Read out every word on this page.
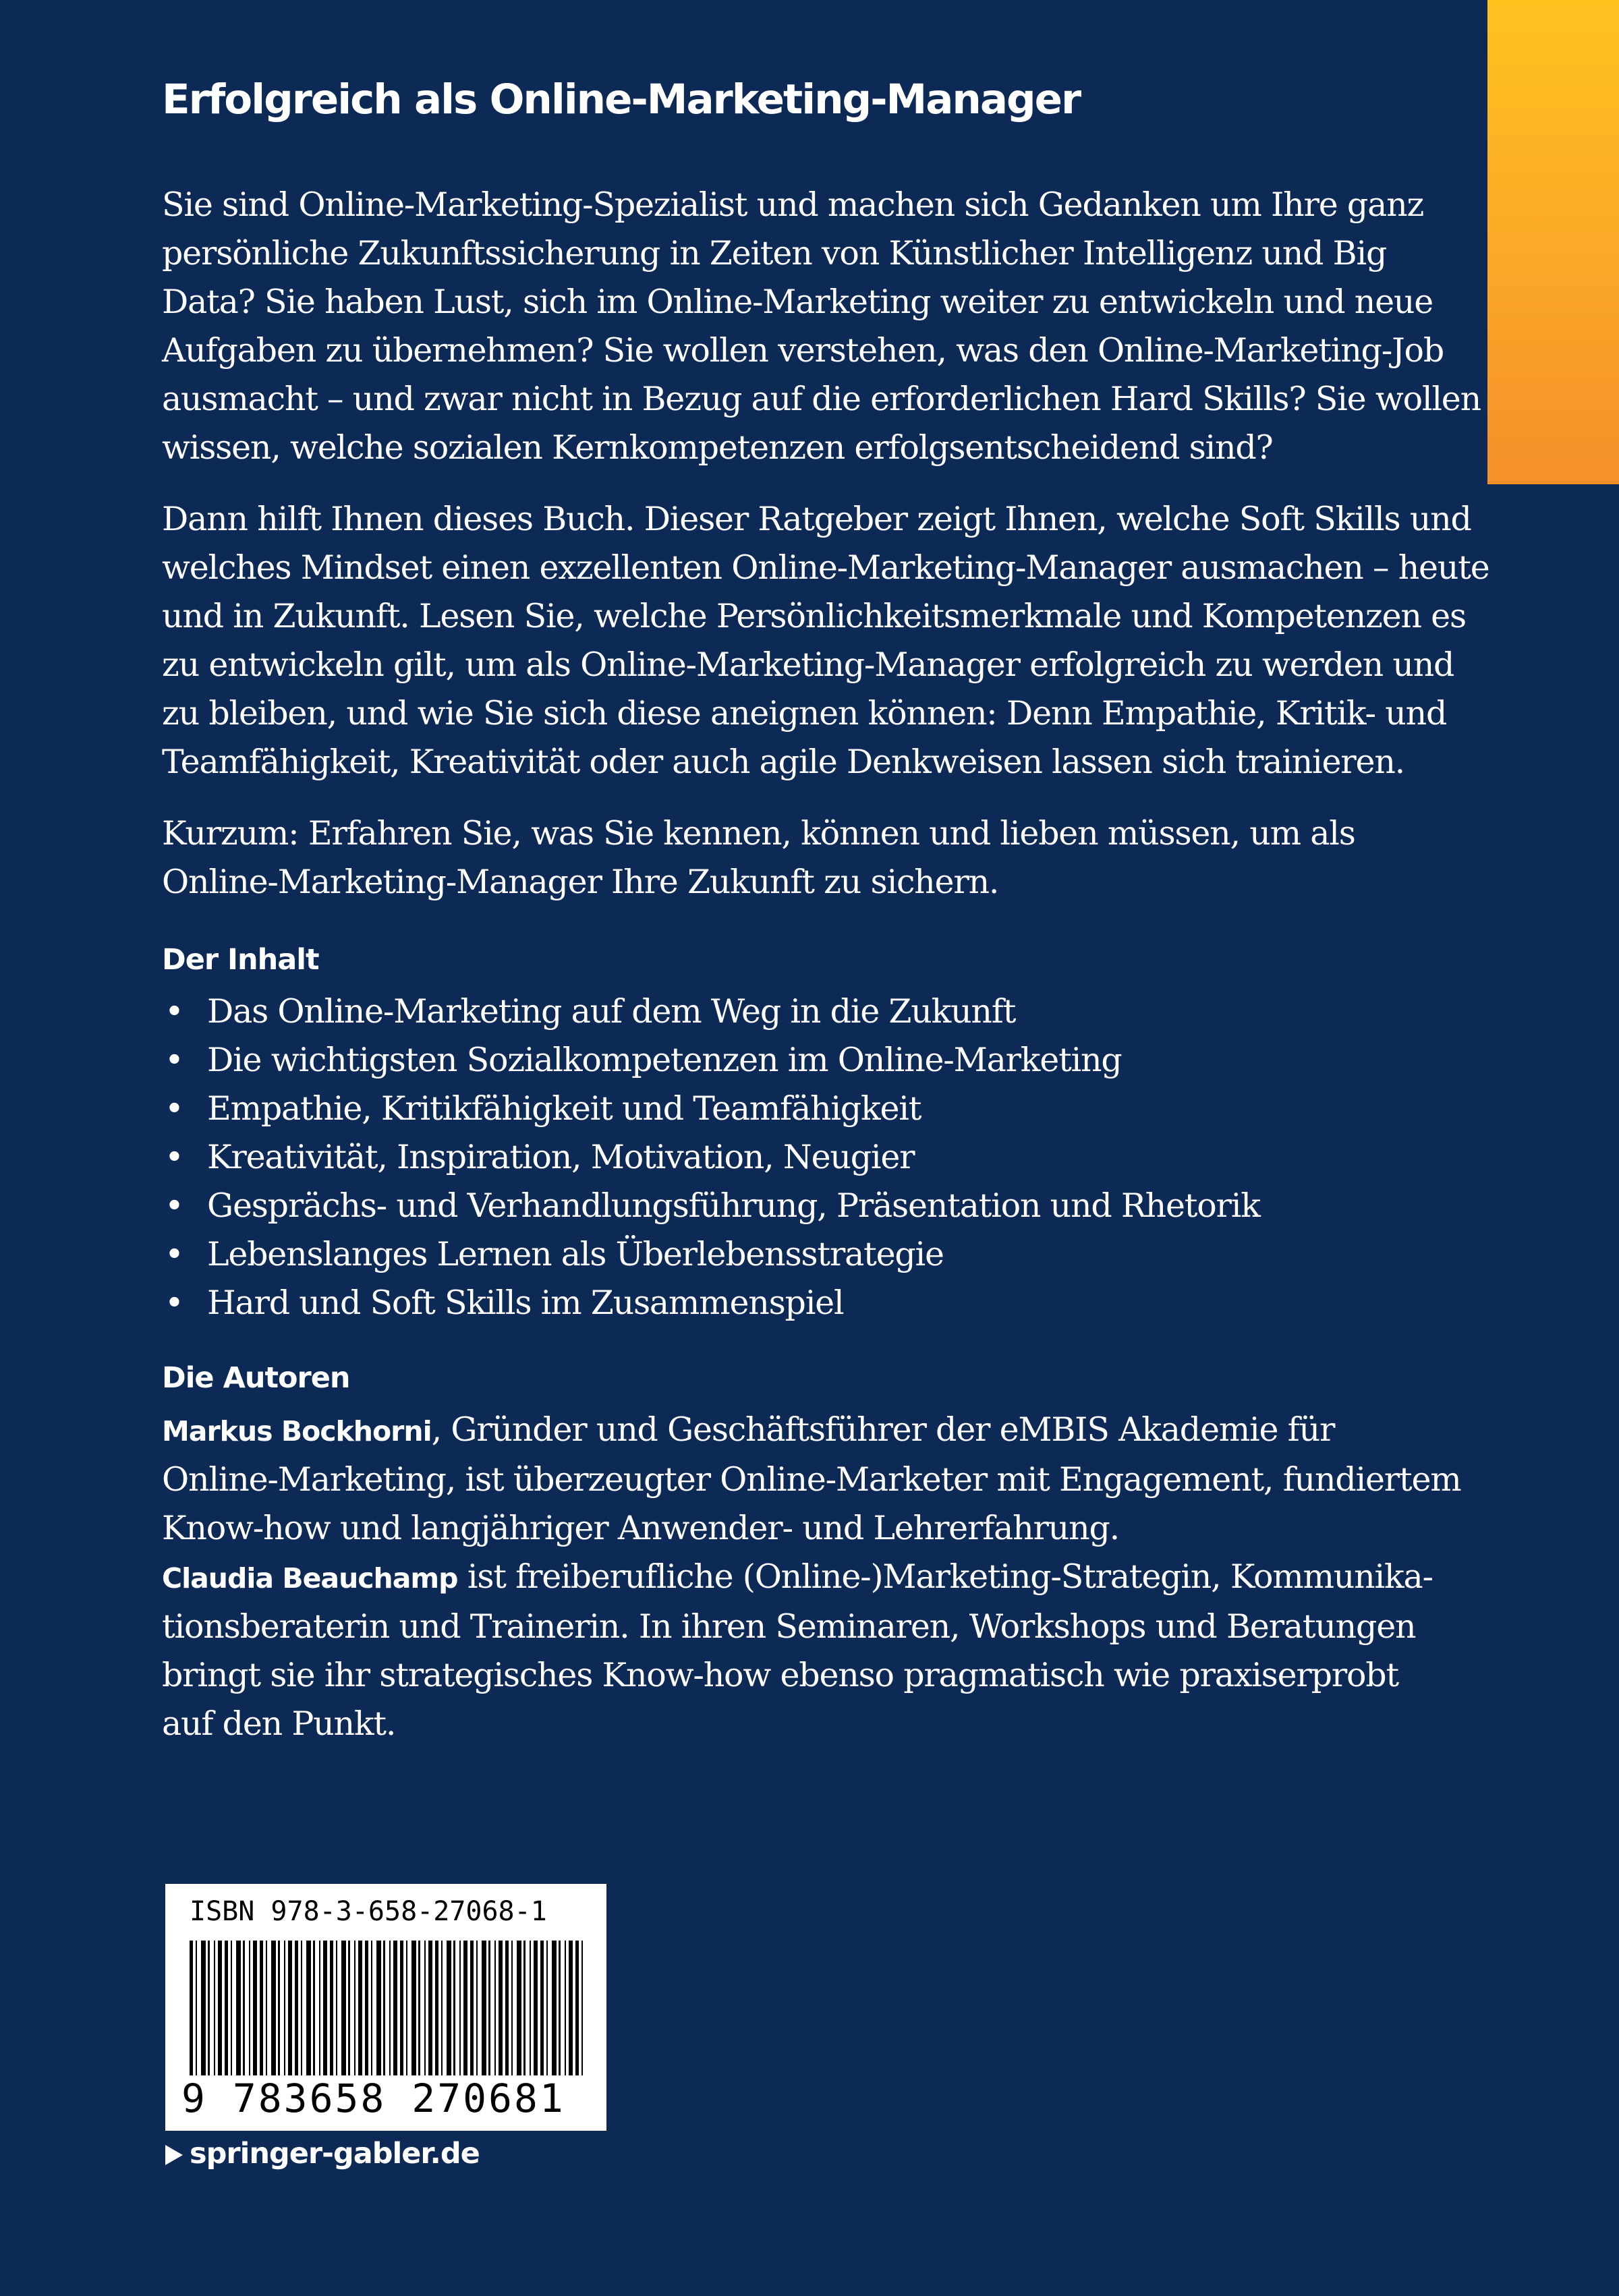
Erfolgreich als Online-Marketing-Manager

Sie sind Online-Marketing-Spezialist und machen sich Gedanken um Ihre ganz
persönliche Zukunftssicherung in Zeiten von Künstlicher Intelligenz und Big
Data? Sie haben Lust, sich im Online-Marketing weiter zu entwickeln und neue
Aufgaben zu übernehmen? Sie wollen verstehen, was den Online-Marketing-Job
ausmacht – und zwar nicht in Bezug auf die erforderlichen Hard Skills? Sie wollen
wissen, welche sozialen Kernkompetenzen erfolgsentscheidend sind?

Dann hilft Ihnen dieses Buch. Dieser Ratgeber zeigt Ihnen, welche Soft Skills und
welches Mindset einen exzellenten Online-Marketing-Manager ausmachen – heute
und in Zukunft. Lesen Sie, welche Persönlichkeitsmerkmale und Kompetenzen es
zu entwickeln gilt, um als Online-Marketing-Manager erfolgreich zu werden und
zu bleiben, und wie Sie sich diese aneignen können: Denn Empathie, Kritik- und
Teamfähigkeit, Kreativität oder auch agile Denkweisen lassen sich trainieren.

Kurzum: Erfahren Sie, was Sie kennen, können und lieben müssen, um als
Online-Marketing-Manager Ihre Zukunft zu sichern.

Der Inhalt
• Das Online-Marketing auf dem Weg in die Zukunft
• Die wichtigsten Sozialkompetenzen im Online-Marketing
• Empathie, Kritikfähigkeit und Teamfähigkeit
• Kreativität, Inspiration, Motivation, Neugier
• Gesprächs- und Verhandlungsführung, Präsentation und Rhetorik
• Lebenslanges Lernen als Überlebensstrategie
• Hard und Soft Skills im Zusammenspiel
Die Autoren

Markus Bockhorni, Gründer und Geschäftsführer der eMBIS Akademie für
Online-Marketing, ist überzeugter Online-Marketer mit Engagement, fundiertem
Know-how und langjähriger Anwender- und Lehrerfahrung.
Claudia Beauchamp ist freiberufliche (Online-)Marketing-Strategin, Kommunika-
tionsberaterin und Trainerin. In ihren Seminaren, Workshops und Beratungen
bringt sie ihr strategisches Know-how ebenso pragmatisch wie praxiserprobt
auf den Punkt.

ISBN 978-3-658-27068-1

9 783658 270681

springer-gabler.de
